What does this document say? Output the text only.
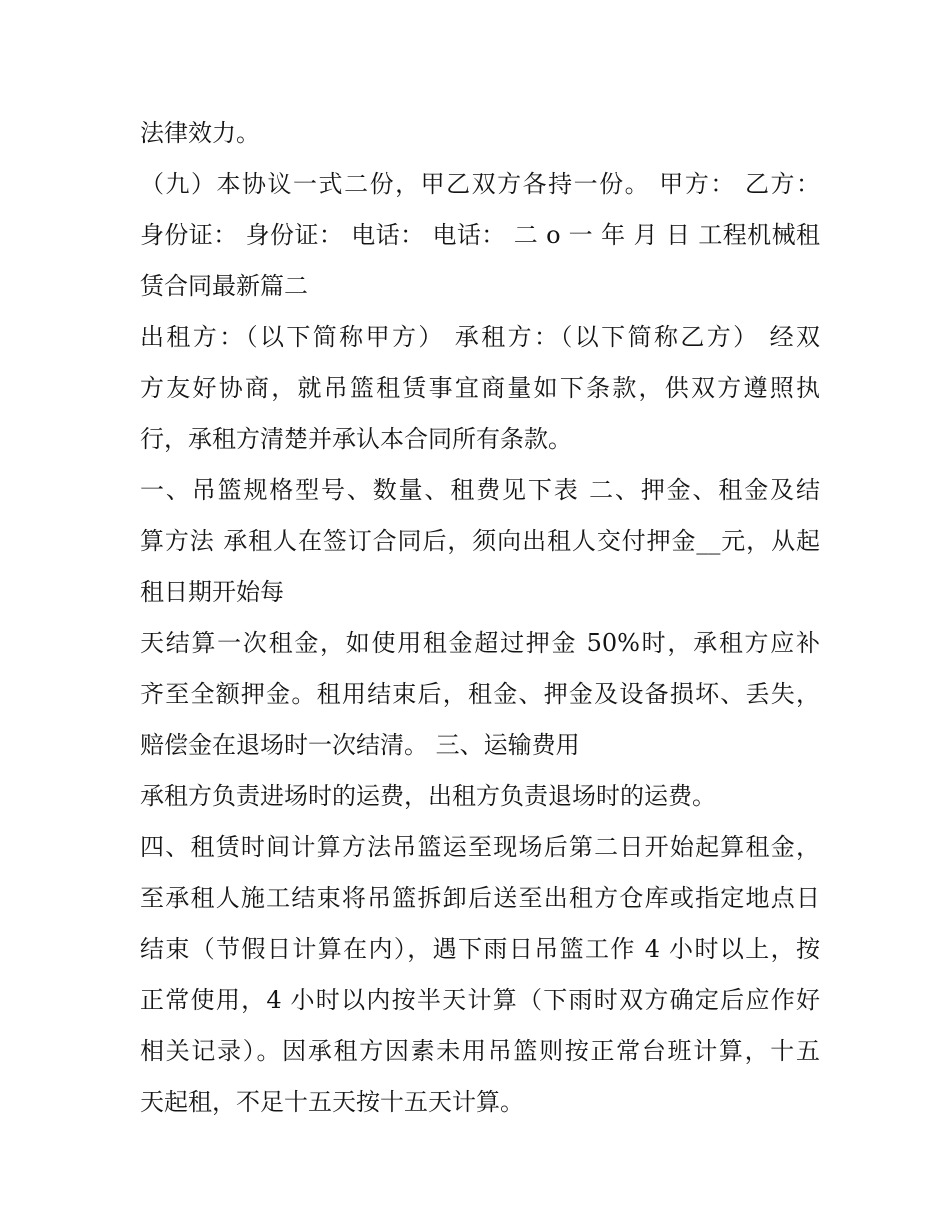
法律效力。
（九）本协议一式二份，甲乙双方各持一份。 甲方： 乙方：
身份证： 身份证： 电话： 电话： 二 o 一 年 月 日 工程机械租
赁合同最新篇二
出租方：（以下简称甲方） 承租方：（以下简称乙方） 经双
方友好协商，就吊篮租赁事宜商量如下条款，供双方遵照执
行，承租方清楚并承认本合同所有条款。
一、吊篮规格型号、数量、租费见下表 二、押金、租金及结
算方法 承租人在签订合同后，须向出租人交付押金__元，从起
租日期开始每
天结算一次租金，如使用租金超过押金 50%时，承租方应补
齐至全额押金。租用结束后，租金、押金及设备损坏、丢失，
赔偿金在退场时一次结清。 三、运输费用
承租方负责进场时的运费，出租方负责退场时的运费。
四、租赁时间计算方法吊篮运至现场后第二日开始起算租金，
至承租人施工结束将吊篮拆卸后送至出租方仓库或指定地点日
结束（节假日计算在内），遇下雨日吊篮工作 4 小时以上，按
正常使用，4 小时以内按半天计算（下雨时双方确定后应作好
相关记录）。因承租方因素未用吊篮则按正常台班计算，十五
天起租，不足十五天按十五天计算。
